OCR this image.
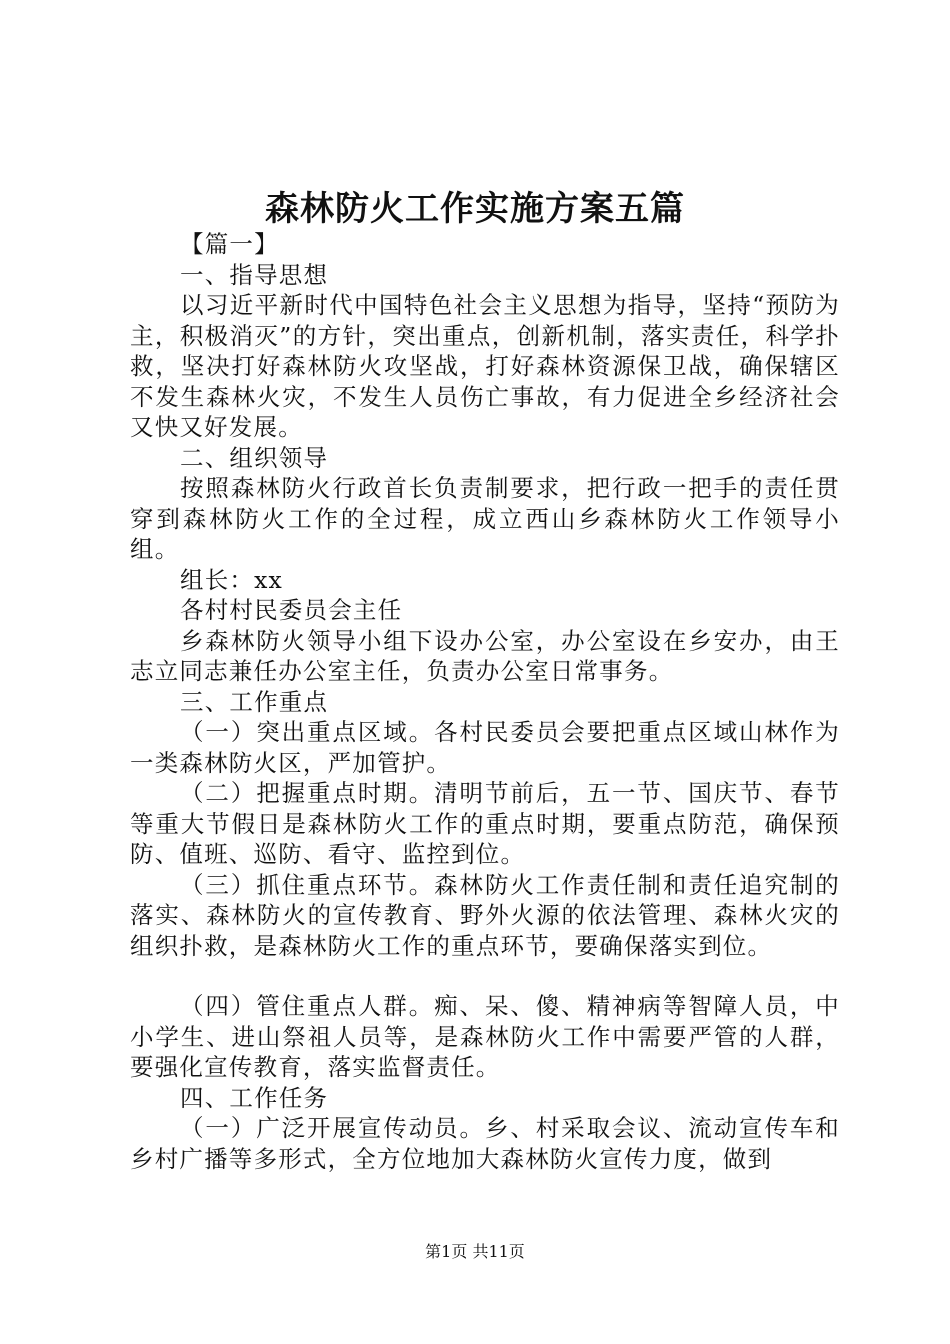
森林防火工作实施方案五篇

【篇一】

一、指导思想

以习近平新时代中国特色社会主义思想为指导，坚持“预防为主，积极消灭”的方针，突出重点，创新机制，落实责任，科学扑救，坚决打好森林防火攻坚战，打好森林资源保卫战，确保辖区不发生森林火灾，不发生人员伤亡事故，有力促进全乡经济社会又快又好发展。

二、组织领导

按照森林防火行政首长负责制要求，把行政一把手的责任贯穿到森林防火工作的全过程，成立西山乡森林防火工作领导小组。

组长：xx

各村村民委员会主任

乡森林防火领导小组下设办公室，办公室设在乡安办，由王志立同志兼任办公室主任，负责办公室日常事务。

三、工作重点

（一）突出重点区域。各村民委员会要把重点区域山林作为一类森林防火区，严加管护。

（二）把握重点时期。清明节前后，五一节、国庆节、春节等重大节假日是森林防火工作的重点时期，要重点防范，确保预防、值班、巡防、看守、监控到位。

（三）抓住重点环节。森林防火工作责任制和责任追究制的落实、森林防火的宣传教育、野外火源的依法管理、森林火灾的组织扑救，是森林防火工作的重点环节，要确保落实到位。

（四）管住重点人群。痴、呆、傻、精神病等智障人员，中小学生、进山祭祖人员等，是森林防火工作中需要严管的人群，要强化宣传教育，落实监督责任。

四、工作任务

（一）广泛开展宣传动员。乡、村采取会议、流动宣传车和乡村广播等多形式，全方位地加大森林防火宣传力度，做到

第1页 共11页
